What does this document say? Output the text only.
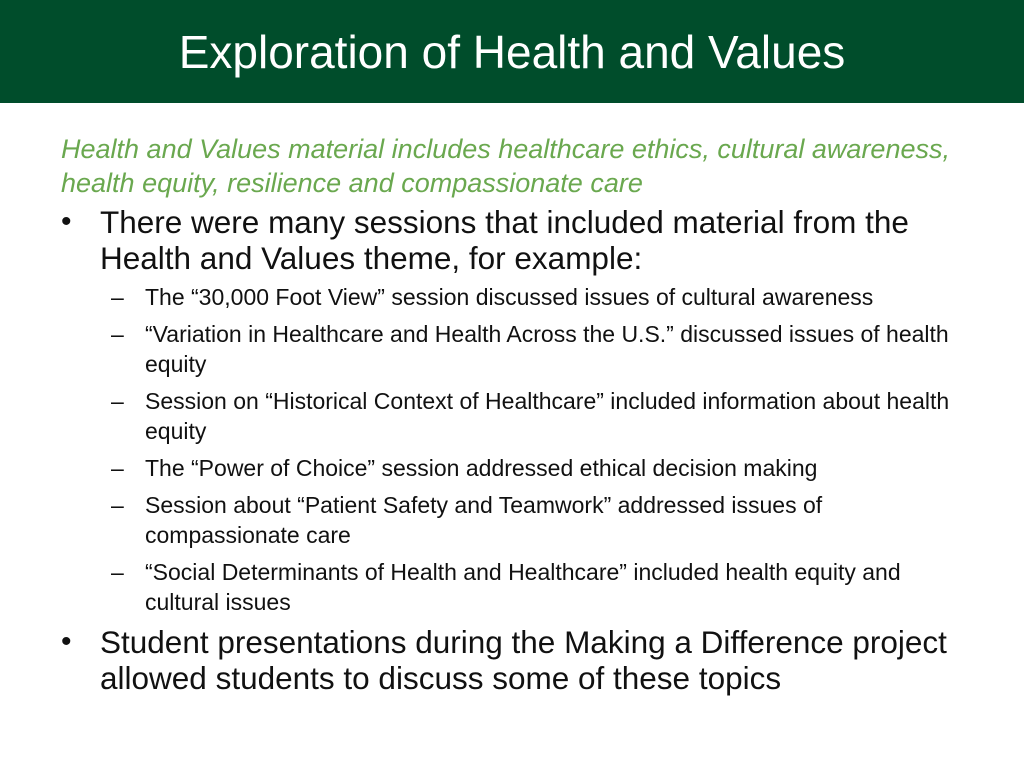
Exploration of Health and Values

Health and Values material includes healthcare ethics, cultural awareness, health equity, resilience and compassionate care

• There were many sessions that included material from the Health and Values theme, for example:
– The “30,000 Foot View” session discussed issues of cultural awareness
– “Variation in Healthcare and Health Across the U.S.” discussed issues of health equity
– Session on “Historical Context of Healthcare” included information about health equity
– The “Power of Choice” session addressed ethical decision making
– Session about “Patient Safety and Teamwork” addressed issues of compassionate care
– “Social Determinants of Health and Healthcare” included health equity and cultural issues
• Student presentations during the Making a Difference project allowed students to discuss some of these topics
